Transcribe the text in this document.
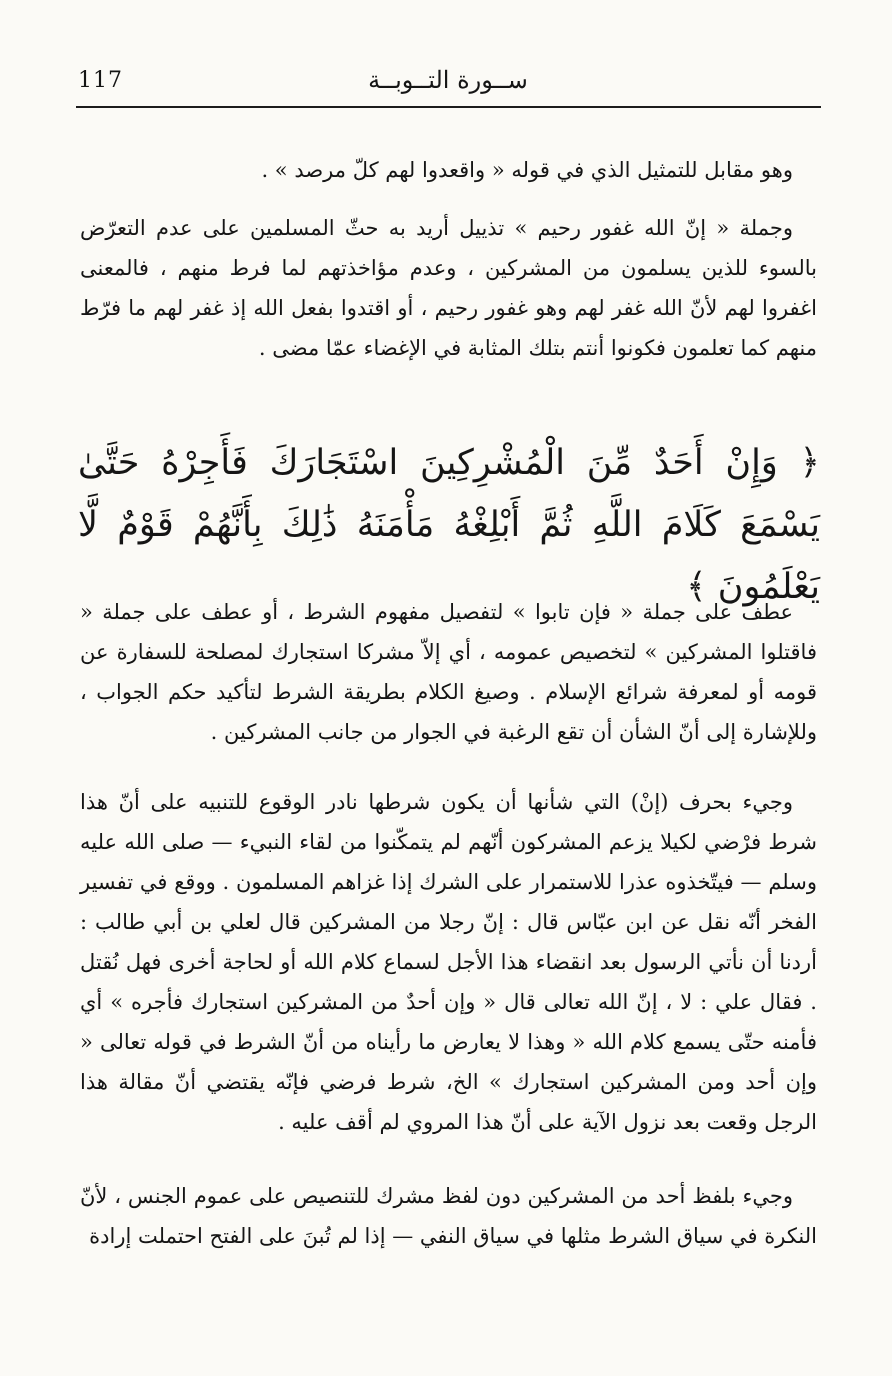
117	ســورة التــوبــة

وهو مقابل للتمثيل الذي في قوله « واقعدوا لهم كلّ مرصد » .

وجملة « إنّ الله غفور رحيم » تذييل أريد به حثّ المسلمين على عدم التعرّض بالسوء للذين يسلمون من المشركين ، وعدم مؤاخذتهم لما فرط منهم ، فالمعنى اغفروا لهم لأنّ الله غفر لهم وهو غفور رحيم ، أو اقتدوا بفعل الله إذ غفر لهم ما فرّط منهم كما تعلمون فكونوا أنتم بتلك المثابة في الإغضاء عمّا مضى .

﴿ وَإِنْ أَحَدٌ مِّنَ الْمُشْرِكِينَ اسْتَجَارَكَ فَأَجِرْهُ حَتَّىٰ يَسْمَعَ كَلَامَ اللَّهِ ثُمَّ أَبْلِغْهُ مَأْمَنَهُ ذَٰلِكَ بِأَنَّهُمْ قَوْمٌ لَّا يَعْلَمُونَ ﴾

عطف على جملة « فإن تابوا » لتفصيل مفهوم الشرط ، أو عطف على جملة « فاقتلوا المشركين » لتخصيص عمومه ، أي إلاّ مشركا استجارك لمصلحة للسفارة عن قومه أو لمعرفة شرائع الإسلام . وصيغ الكلام بطريقة الشرط لتأكيد حكم الجواب ، وللإشارة إلى أنّ الشأن أن تقع الرغبة في الجوار من جانب المشركين .

وجيء بحرف (إنْ) التي شأنها أن يكون شرطها نادر الوقوع للتنبيه على أنّ هذا شرط فرْضي لكيلا يزعم المشركون أنّهم لم يتمكّنوا من لقاء النبيء — صلى الله عليه وسلم — فيتّخذوه عذرا للاستمرار على الشرك إذا غزاهم المسلمون . ووقع في تفسير الفخر أنّه نقل عن ابن عبّاس قال : إنّ رجلا من المشركين قال لعلي بن أبي طالب : أردنا أن نأتي الرسول بعد انقضاء هذا الأجل لسماع كلام الله أو لحاجة أخرى فهل نُقتل . فقال علي : لا ، إنّ الله تعالى قال « وإن أحدٌ من المشركين استجارك فأجره » أي فأمنه حتّى يسمع كلام الله « وهذا لا يعارض ما رأيناه من أنّ الشرط في قوله تعالى « وإن أحد ومن المشركين استجارك » الخ، شرط فرضي فإنّه يقتضي أنّ مقالة هذا الرجل وقعت بعد نزول الآية على أنّ هذا المروي لم أقف عليه .

وجيء بلفظ أحد من المشركين دون لفظ مشرك للتنصيص على عموم الجنس ، لأنّ النكرة في سياق الشرط مثلها في سياق النفي — إذا لم تُبنَ على الفتح احتملت إرادة
